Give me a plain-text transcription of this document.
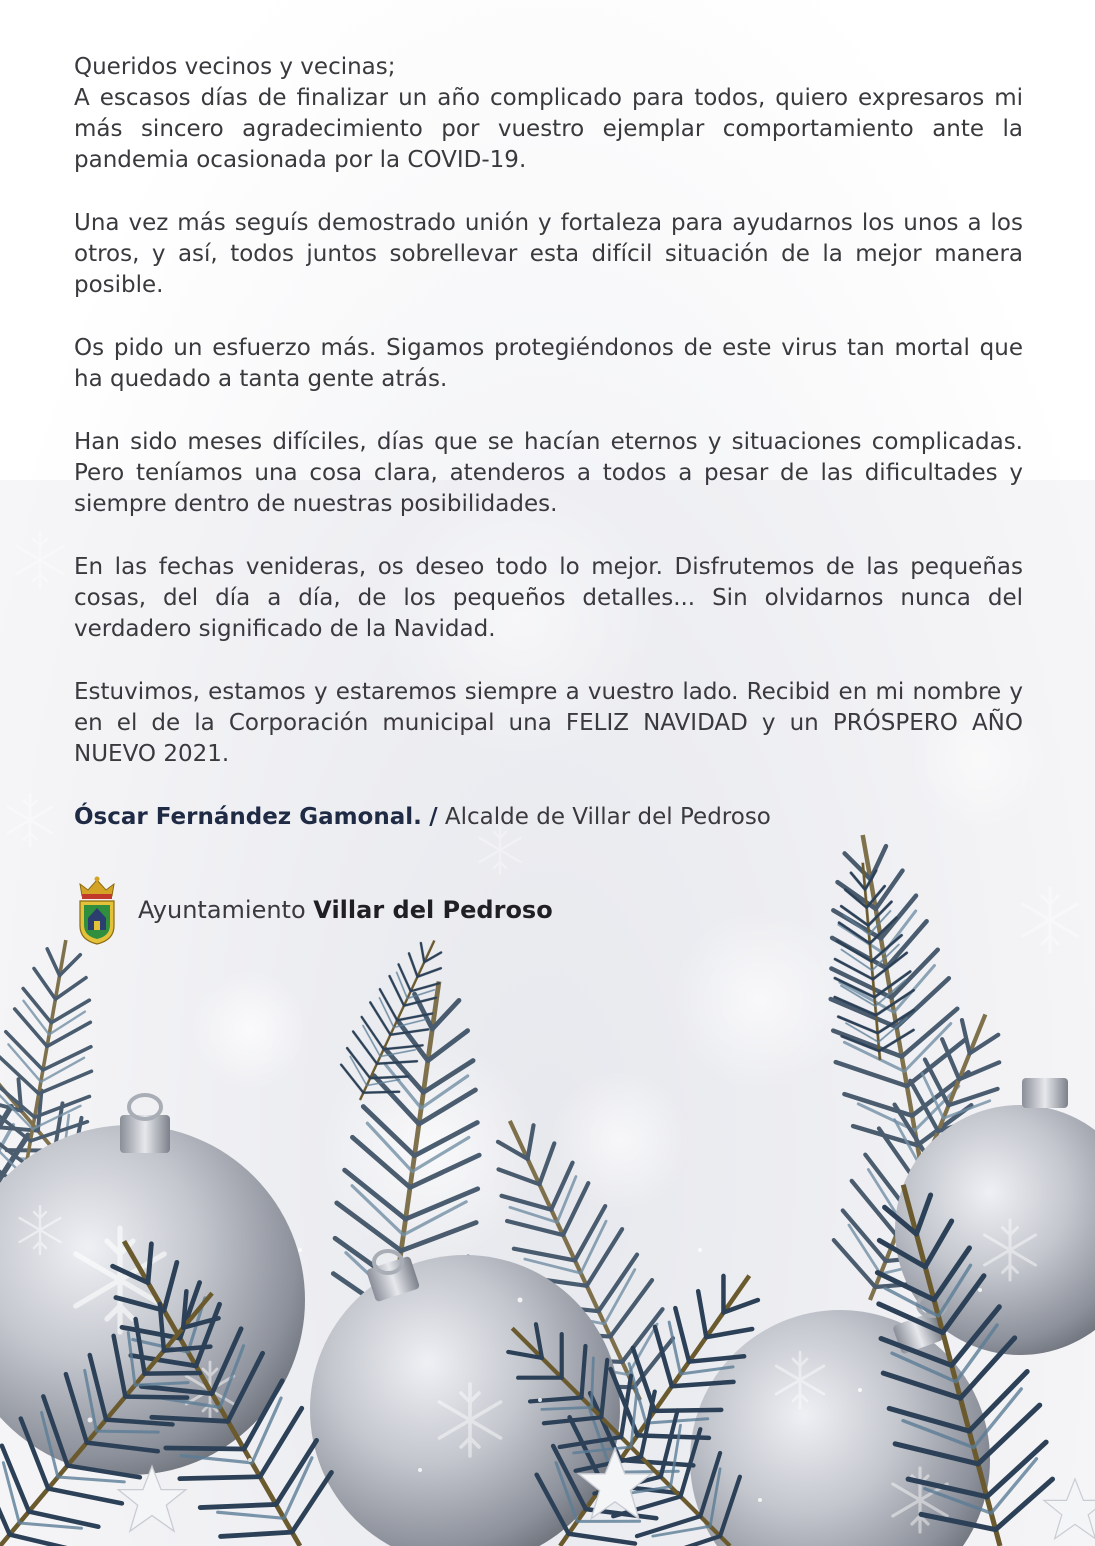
Queridos vecinos y vecinas;

A escasos días de finalizar un año complicado para todos, quiero expresaros mi más sincero agradecimiento por vuestro ejemplar comportamiento ante la pandemia ocasionada por la COVID-19.

Una vez más seguís demostrado unión y fortaleza para ayudarnos los unos a los otros, y así, todos juntos sobrellevar esta difícil situación de la mejor manera posible.

Os pido un esfuerzo más. Sigamos protegiéndonos de este virus tan mortal que ha quedado a tanta gente atrás.

Han sido meses difíciles, días que se hacían eternos y situaciones complicadas. Pero teníamos una cosa clara, atenderos a todos a pesar de las dificultades y siempre dentro de nuestras posibilidades.

En las fechas venideras, os deseo todo lo mejor. Disfrutemos de las pequeñas cosas, del día a día, de los pequeños detalles... Sin olvidarnos nunca del verdadero significado de la Navidad.

Estuvimos, estamos y estaremos siempre a vuestro lado. Recibid en mi nombre y en el de la Corporación municipal una FELIZ NAVIDAD y un PRÓSPERO AÑO NUEVO 2021.

Óscar Fernández Gamonal. / Alcalde de Villar del Pedroso
Ayuntamiento Villar del Pedroso
